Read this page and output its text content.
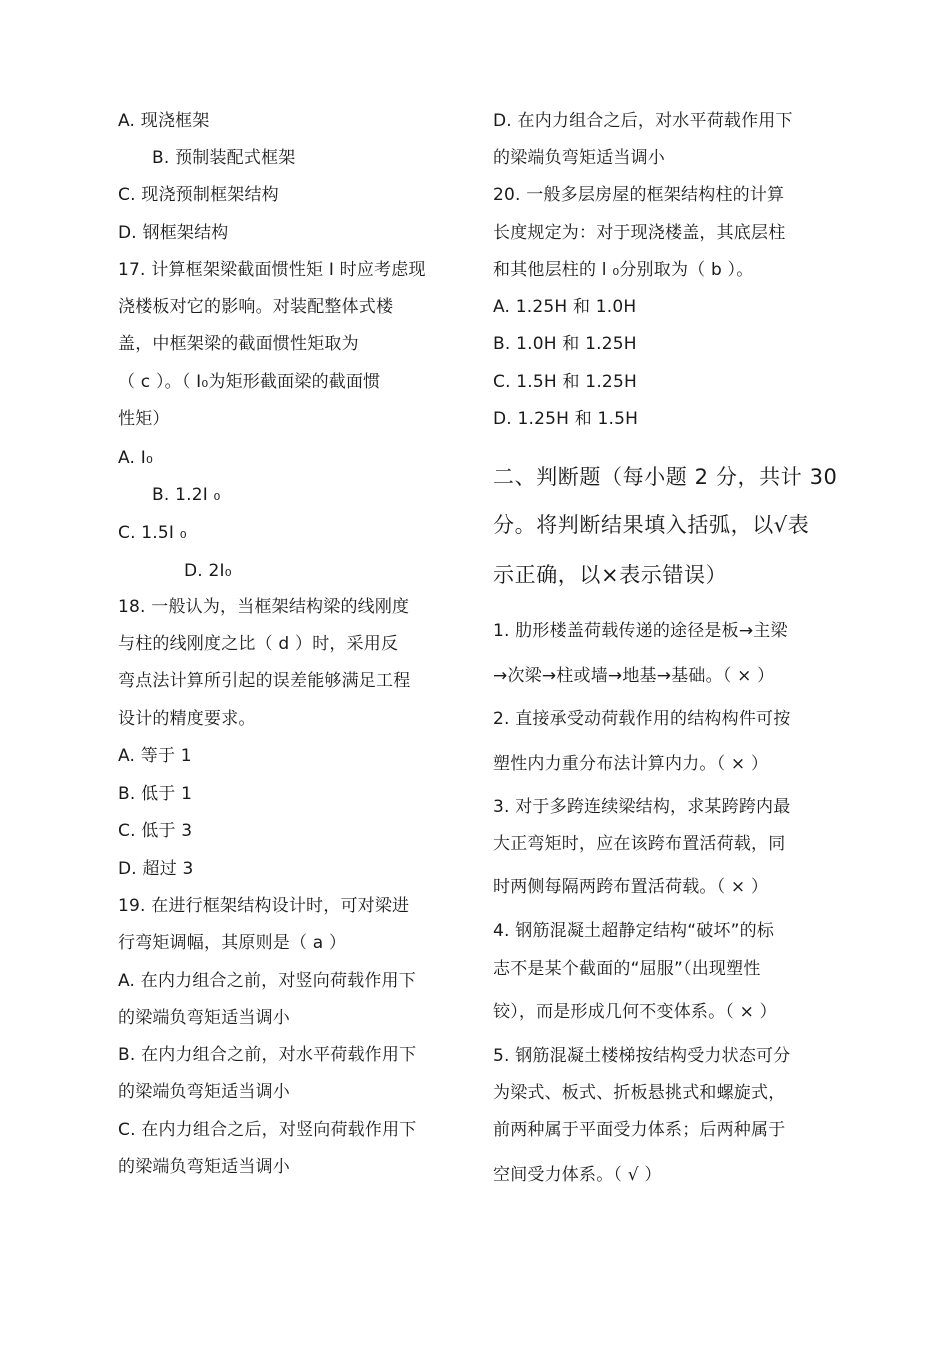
A. 现浇框架
B. 预制装配式框架
C. 现浇预制框架结构
D. 钢框架结构
17. 计算框架梁截面惯性矩 I 时应考虑现
浇楼板对它的影响。对装配整体式楼
盖，中框架梁的截面惯性矩取为
（ c ）。（ I₀为矩形截面梁的截面惯
性矩）
A. I₀
B. 1.2I ₀
C. 1.5I ₀
D. 2I₀
18. 一般认为，当框架结构梁的线刚度
与柱的线刚度之比（ d ）时，采用反
弯点法计算所引起的误差能够满足工程
设计的精度要求。
A. 等于 1
B. 低于 1
C. 低于 3
D. 超过 3
19. 在进行框架结构设计时，可对梁进
行弯矩调幅，其原则是（ a ）
A. 在内力组合之前，对竖向荷载作用下
的梁端负弯矩适当调小
B. 在内力组合之前，对水平荷载作用下
的梁端负弯矩适当调小
C. 在内力组合之后，对竖向荷载作用下
的梁端负弯矩适当调小
D. 在内力组合之后，对水平荷载作用下
的梁端负弯矩适当调小
20. 一般多层房屋的框架结构柱的计算
长度规定为：对于现浇楼盖，其底层柱
和其他层柱的 l ₀分别取为（ b ）。
A. 1.25H 和 1.0H
B. 1.0H 和 1.25H
C. 1.5H 和 1.25H
D. 1.25H 和 1.5H
二、判断题（每小题 2 分，共计 30
分。将判断结果填入括弧，以√表
示正确，以×表示错误）
1. 肋形楼盖荷载传递的途径是板→主梁
→次梁→柱或墙→地基→基础。（ × ）
2. 直接承受动荷载作用的结构构件可按
塑性内力重分布法计算内力。（ × ）
3. 对于多跨连续梁结构，求某跨跨内最
大正弯矩时，应在该跨布置活荷载，同
时两侧每隔两跨布置活荷载。（ × ）
4. 钢筋混凝土超静定结构“破坏”的标
志不是某个截面的“屈服”（出现塑性
铰），而是形成几何不变体系。（ × ）
5. 钢筋混凝土楼梯按结构受力状态可分
为梁式、板式、折板悬挑式和螺旋式，
前两种属于平面受力体系；后两种属于
空间受力体系。（ √ ）
